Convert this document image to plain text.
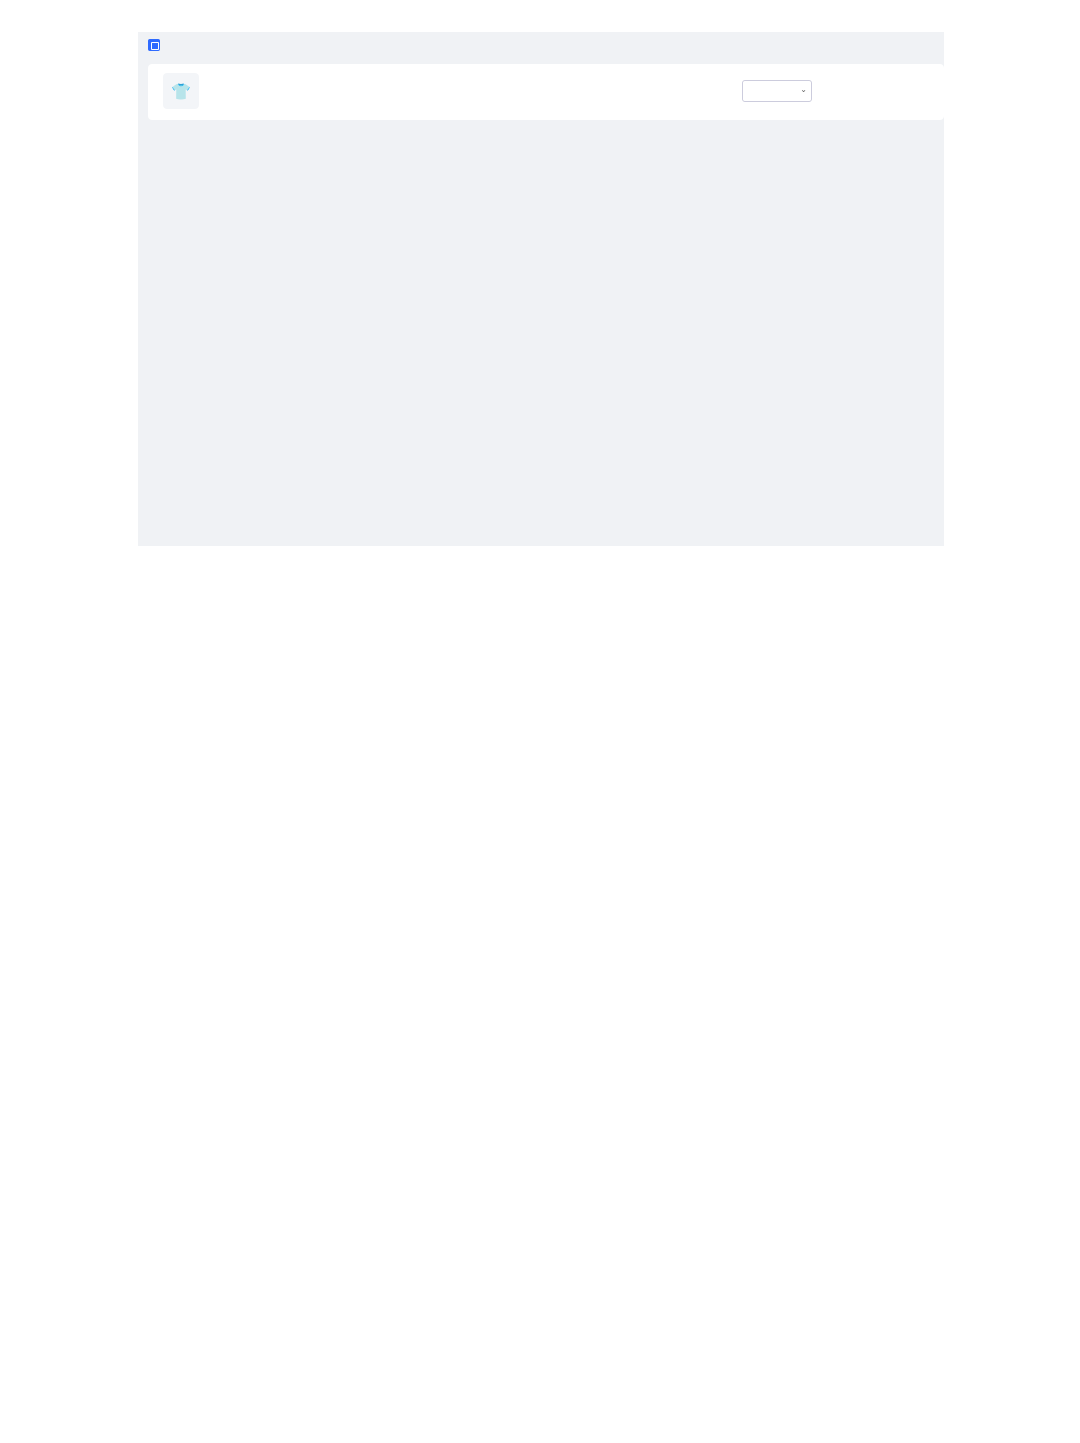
👕	⌄
